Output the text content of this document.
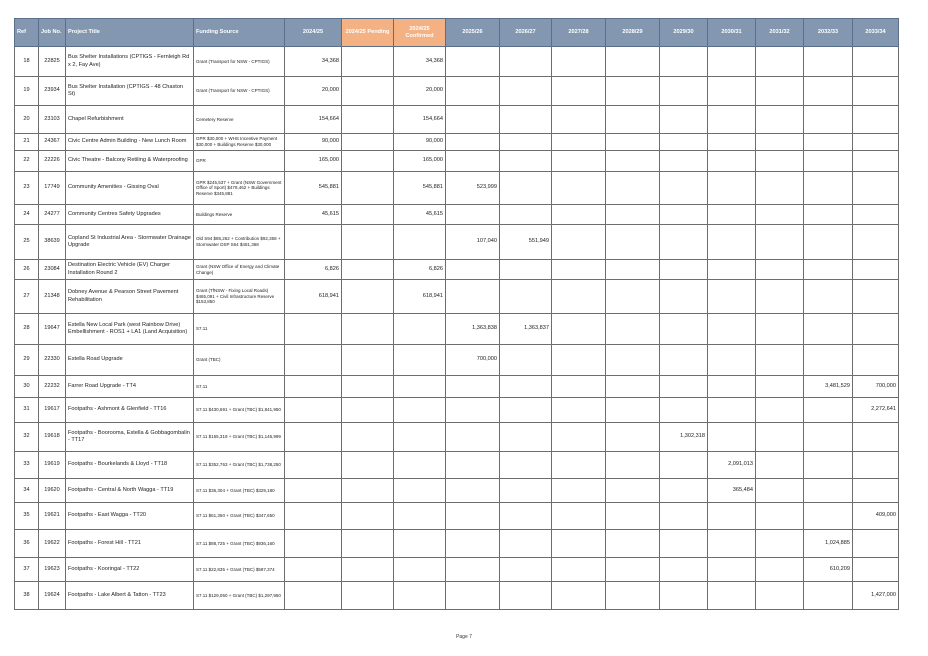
Ref	Job No.	Project Title	Funding Source	2024/25	2024/25 Pending	2024/25 Confirmed	2025/26	2026/27	2027/28	2028/29	2029/30	2030/31	2031/32	2032/33	2033/34
18	22825	Bus Shelter Installations (CPTIGS - Fernleigh Rd x 2, Fay Ave)	Grant (Transport for NSW - CPTIGS)	34,368		34,368									
19	23934	Bus Shelter Installation (CPTIGS - 48 Chaston St)	Grant (Transport for NSW - CPTIGS)	20,000		20,000									
20	23103	Chapel Refurbishment	Cemetery Reserve	154,664		154,664									
21	24367	Civic Centre Admin Building - New Lunch Room	GPR $30,000 + WHS Incentive Payment $30,000 + Buildings Reserve $30,000	90,000		90,000									
22	22226	Civic Theatre - Balcony Retiling & Waterproofing	GPR	165,000		165,000									
23	17749	Community Amenities - Gissing Oval	GPR $245,537 + Grant (NSW Government Office of Sport) $478,462 + Buildings Reserve $345,881	545,881		545,881	523,999								
24	24277	Community Centres Safety Upgrades	Buildings Reserve	45,615		45,615									
25	38639	Copland St Industrial Area - Stormwater Drainage Upgrade	Old S94 $85,262 + Contribution $92,358 + Stormwater DSP S64 $481,368				107,040	551,949							
26	23084	Destination Electric Vehicle (EV) Charger Installation Round 2	Grant (NSW Office of Energy and Climate Change)	6,826		6,826									
27	21348	Dobney Avenue & Pearson Street Pavement Rehabilitation	Grant (TfNSW - Fixing Local Roads) $465,091 + Civil Infrastructure Reserve $153,850	618,941		618,941									
28	19647	Estella New Local Park (west Rainbow Drive) Embellishment - ROS1 + LA1 (Land Acquisition)	S7.11				1,363,838	1,363,837							
29	22330	Estella Road Upgrade	Grant (TBC)				700,000								
30	22232	Farrer Road Upgrade - TT4	S7.11											3,481,529	700,000
31	19617	Footpaths - Ashmont & Glenfield - TT16	S7.11 $430,691 + Grant (TBC) $1,841,950												2,272,641
32	19618	Footpaths - Boorooma, Estella & Gobbagombalin - TT17	S7.11 $155,319 + Grant (TBC) $1,146,999								1,302,318				
33	19619	Footpaths - Bourkelands & Lloyd - TT18	S7.11 $352,763 + Grant (TBC) $1,738,250									2,091,013			
34	19620	Footpaths - Central & North Wagga - TT19	S7.11 $36,304 + Grant (TBC) $329,180									365,484			
35	19621	Footpaths - East Wagga - TT20	S7.11 $61,350 + Grant (TBC) $347,650												409,000
36	19622	Footpaths - Forest Hill - TT21	S7.11 $88,725 + Grant (TBC) $936,160											1,024,885	
37	19623	Footpaths - Kooringal - TT22	S7.11 $22,835 + Grant (TBC) $587,374											610,209	
38	19624	Footpaths - Lake Albert & Tatton - TT23	S7.11 $129,050 + Grant (TBC) $1,297,950												1,427,000
Page 7
